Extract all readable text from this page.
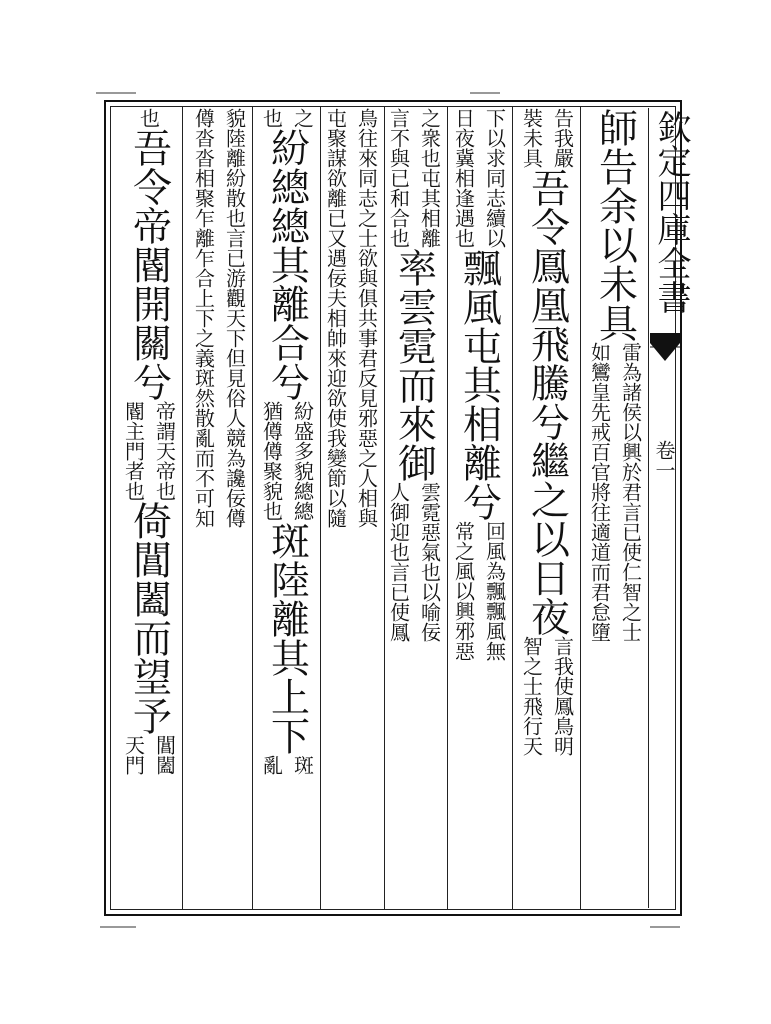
欽定四庫全書
卷一
師告余以未具
雷為諸侯以興於君言已使仁智之士
如鸞皇先戒百官將往適道而君怠墮
告我嚴
裝未具
吾令鳳凰飛騰兮繼之以日夜
言我使鳳鳥明
智之士飛行天
下以求同志續以
日夜冀相逢遇也
飄風屯其相離兮
回風為飄飄風無
常之風以興邪惡
之衆也屯其相離
言不與已和合也
率雲霓而來御
雲霓惡氣也以喻佞
人御迎也言已使鳳
鳥往來同志之士欲與俱共事君反見邪惡之人相與
屯聚謀欲離已又遇佞夫相帥來迎欲使我變節以隨
之
也
紛總總其離合兮
紛盛多貌總總
猶僔僔聚貌也
斑陸離其上下
斑
亂
貌陸離紛散也言已游觀天下但見俗人競為讒佞僔
僔沓沓相聚乍離乍合上下之義斑然散亂而不可知
也
吾令帝閽開關兮
帝謂天帝也
閽主門者也
倚閶闔而望予
閶闔
天門
